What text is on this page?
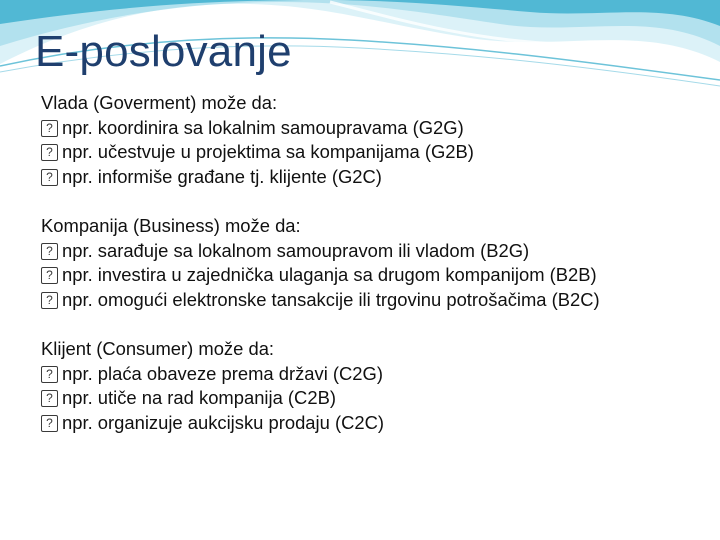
E-poslovanje
Vlada (Goverment) može da:
? npr. koordinira sa lokalnim samoupravama (G2G)
? npr. učestvuje u projektima sa kompanijama (G2B)
? npr. informiše građane tj. klijente (G2C)
Kompanija (Business) može da:
? npr. sarađuje sa lokalnom samoupravom ili vladom (B2G)
? npr. investira u zajednička ulaganja sa drugom kompanijom (B2B)
? npr. omogući elektronske tansakcije ili trgovinu potrošačima (B2C)
Klijent (Consumer) može da:
? npr. plaća obaveze prema državi (C2G)
? npr. utiče na rad kompanija (C2B)
? npr. organizuje aukcijsku prodaju (C2C)
